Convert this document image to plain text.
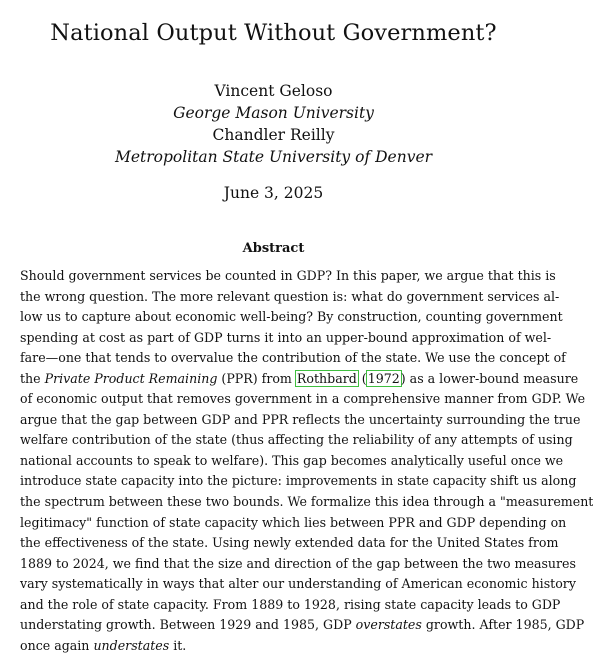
National Output Without Government?
Vincent Geloso
George Mason University
Chandler Reilly
Metropolitan State University of Denver
June 3, 2025
Abstract
Should government services be counted in GDP? In this paper, we argue that this is
the wrong question. The more relevant question is: what do government services al-
low us to capture about economic well-being? By construction, counting government
spending at cost as part of GDP turns it into an upper-bound approximation of wel-
fare—one that tends to overvalue the contribution of the state. We use the concept of
the Private Product Remaining (PPR) from Rothbard (1972) as a lower-bound measure
of economic output that removes government in a comprehensive manner from GDP. We
argue that the gap between GDP and PPR reflects the uncertainty surrounding the true
welfare contribution of the state (thus affecting the reliability of any attempts of using
national accounts to speak to welfare). This gap becomes analytically useful once we
introduce state capacity into the picture: improvements in state capacity shift us along
the spectrum between these two bounds. We formalize this idea through a "measurement
legitimacy" function of state capacity which lies between PPR and GDP depending on
the effectiveness of the state. Using newly extended data for the United States from
1889 to 2024, we find that the size and direction of the gap between the two measures
vary systematically in ways that alter our understanding of American economic history
and the role of state capacity. From 1889 to 1928, rising state capacity leads to GDP
understating growth. Between 1929 and 1985, GDP overstates growth. After 1985, GDP
once again understates it.
